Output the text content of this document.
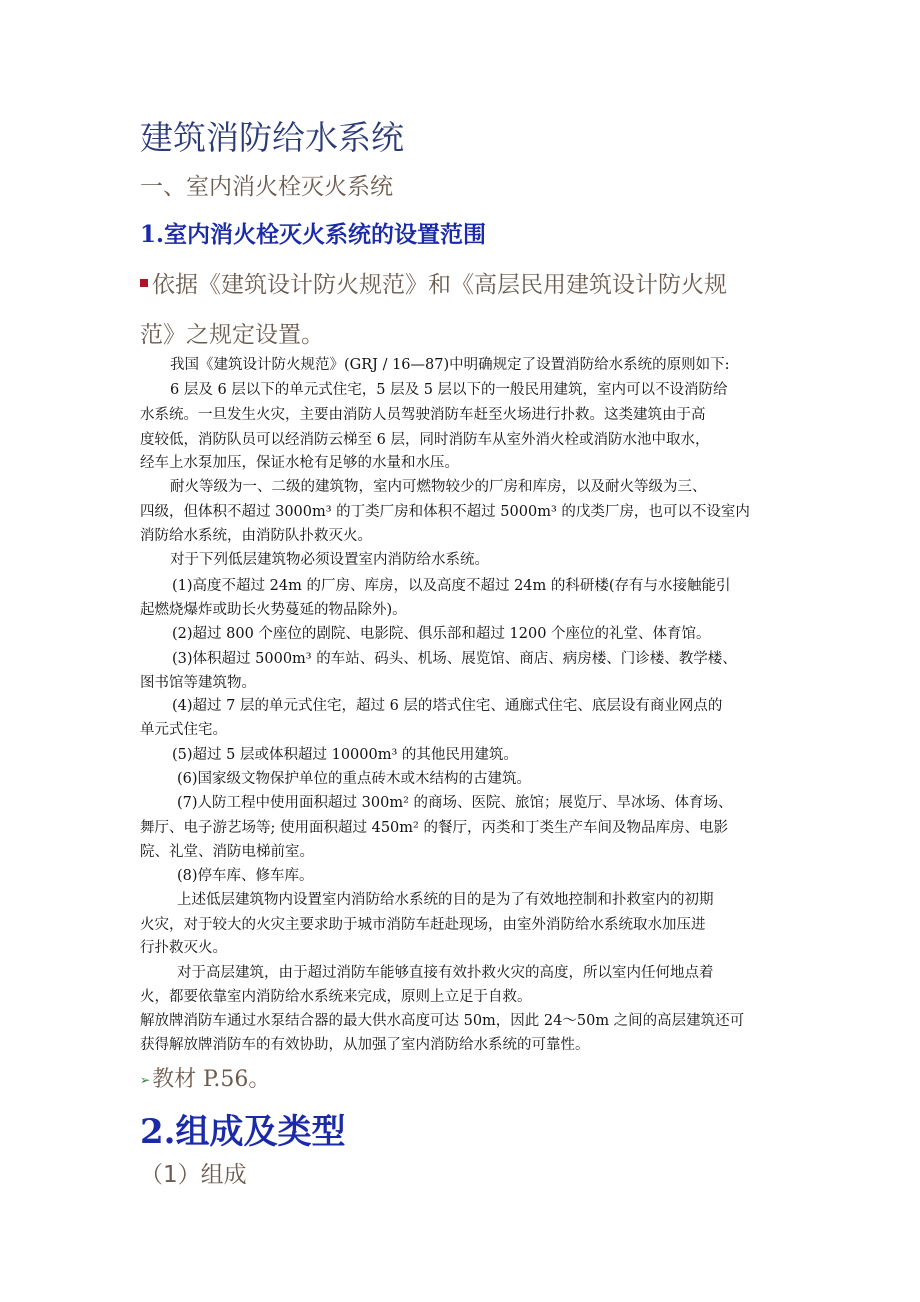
建筑消防给水系统
一、室内消火栓灭火系统
1.室内消火栓灭火系统的设置范围
依据《建筑设计防火规范》和《高层民用建筑设计防火规
范》之规定设置。
我国《建筑设计防火规范》(GRJ / 16—87)中明确规定了设置消防给水系统的原则如下:
6 层及 6 层以下的单元式住宅，5 层及 5 层以下的一般民用建筑，室内可以不设消防给
水系统。一旦发生火灾，主要由消防人员驾驶消防车赶至火场进行扑救。这类建筑由于高
度较低，消防队员可以经消防云梯至 6 层，同时消防车从室外消火栓或消防水池中取水，
经车上水泵加压，保证水枪有足够的水量和水压。
耐火等级为一、二级的建筑物，室内可燃物较少的厂房和库房，以及耐火等级为三、
四级，但体积不超过 3000m³ 的丁类厂房和体积不超过 5000m³ 的戊类厂房，也可以不设室内
消防给水系统，由消防队扑救灭火。
对于下列低层建筑物必须设置室内消防给水系统。
(1)高度不超过 24m 的厂房、库房，以及高度不超过 24m 的科研楼(存有与水接触能引
起燃烧爆炸或助长火势蔓延的物品除外)。
(2)超过 800 个座位的剧院、电影院、俱乐部和超过 1200 个座位的礼堂、体育馆。
(3)体积超过 5000m³ 的车站、码头、机场、展览馆、商店、病房楼、门诊楼、教学楼、
图书馆等建筑物。
(4)超过 7 层的单元式住宅，超过 6 层的塔式住宅、通廊式住宅、底层设有商业网点的
单元式住宅。
(5)超过 5 层或体积超过 10000m³ 的其他民用建筑。
(6)国家级文物保护单位的重点砖木或木结构的古建筑。
(7)人防工程中使用面积超过 300m² 的商场、医院、旅馆；展览厅、旱冰场、体育场、
舞厅、电子游艺场等; 使用面积超过 450m² 的餐厅，丙类和丁类生产车间及物品库房、电影
院、礼堂、消防电梯前室。
(8)停车库、修车库。
上述低层建筑物内设置室内消防给水系统的目的是为了有效地控制和扑救室内的初期
火灾，对于较大的火灾主要求助于城市消防车赶赴现场，由室外消防给水系统取水加压进
行扑救灭火。
对于高层建筑，由于超过消防车能够直接有效扑救火灾的高度，所以室内任何地点着
火，都要依靠室内消防给水系统来完成，原则上立足于自救。
解放牌消防车通过水泵结合器的最大供水高度可达 50m，因此 24～50m 之间的高层建筑还可
获得解放牌消防车的有效协助，从加强了室内消防给水系统的可靠性。
➢教材 P.56。
2.组成及类型
（1）组成
